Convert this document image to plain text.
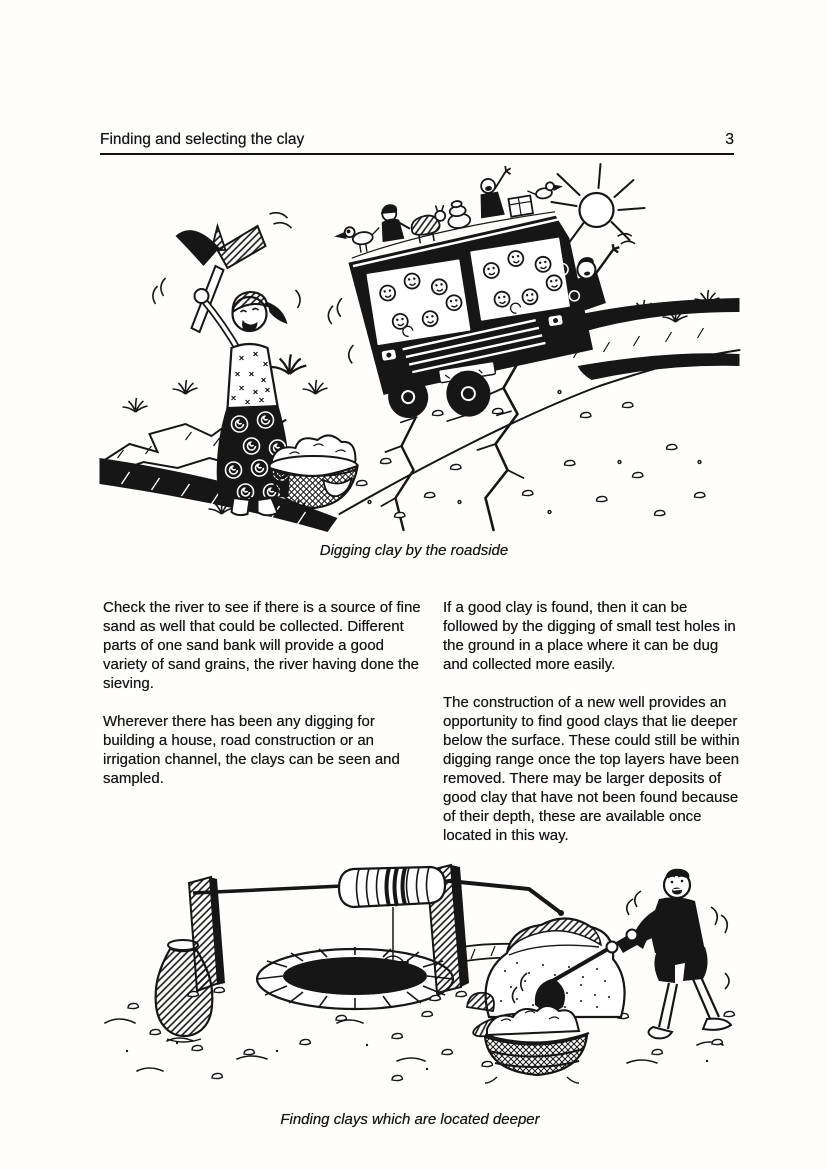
Finding and selecting the clay	3
Digging clay by the roadside

Check the river to see if there is a source of fine sand as well that could be collected. Different parts of one sand bank will provide a good variety of sand grains, the river having done the sieving.

Wherever there has been any digging for building a house, road construction or an irrigation channel, the clays can be seen and sampled.

If a good clay is found, then it can be followed by the digging of small test holes in the ground in a place where it can be dug and collected more easily.

The construction of a new well provides an opportunity to find good clays that lie deeper below the surface. These could still be within digging range once the top layers have been removed. There may be larger deposits of good clay that have not been found because of their depth, these are available once located in this way.

Finding clays which are located deeper
